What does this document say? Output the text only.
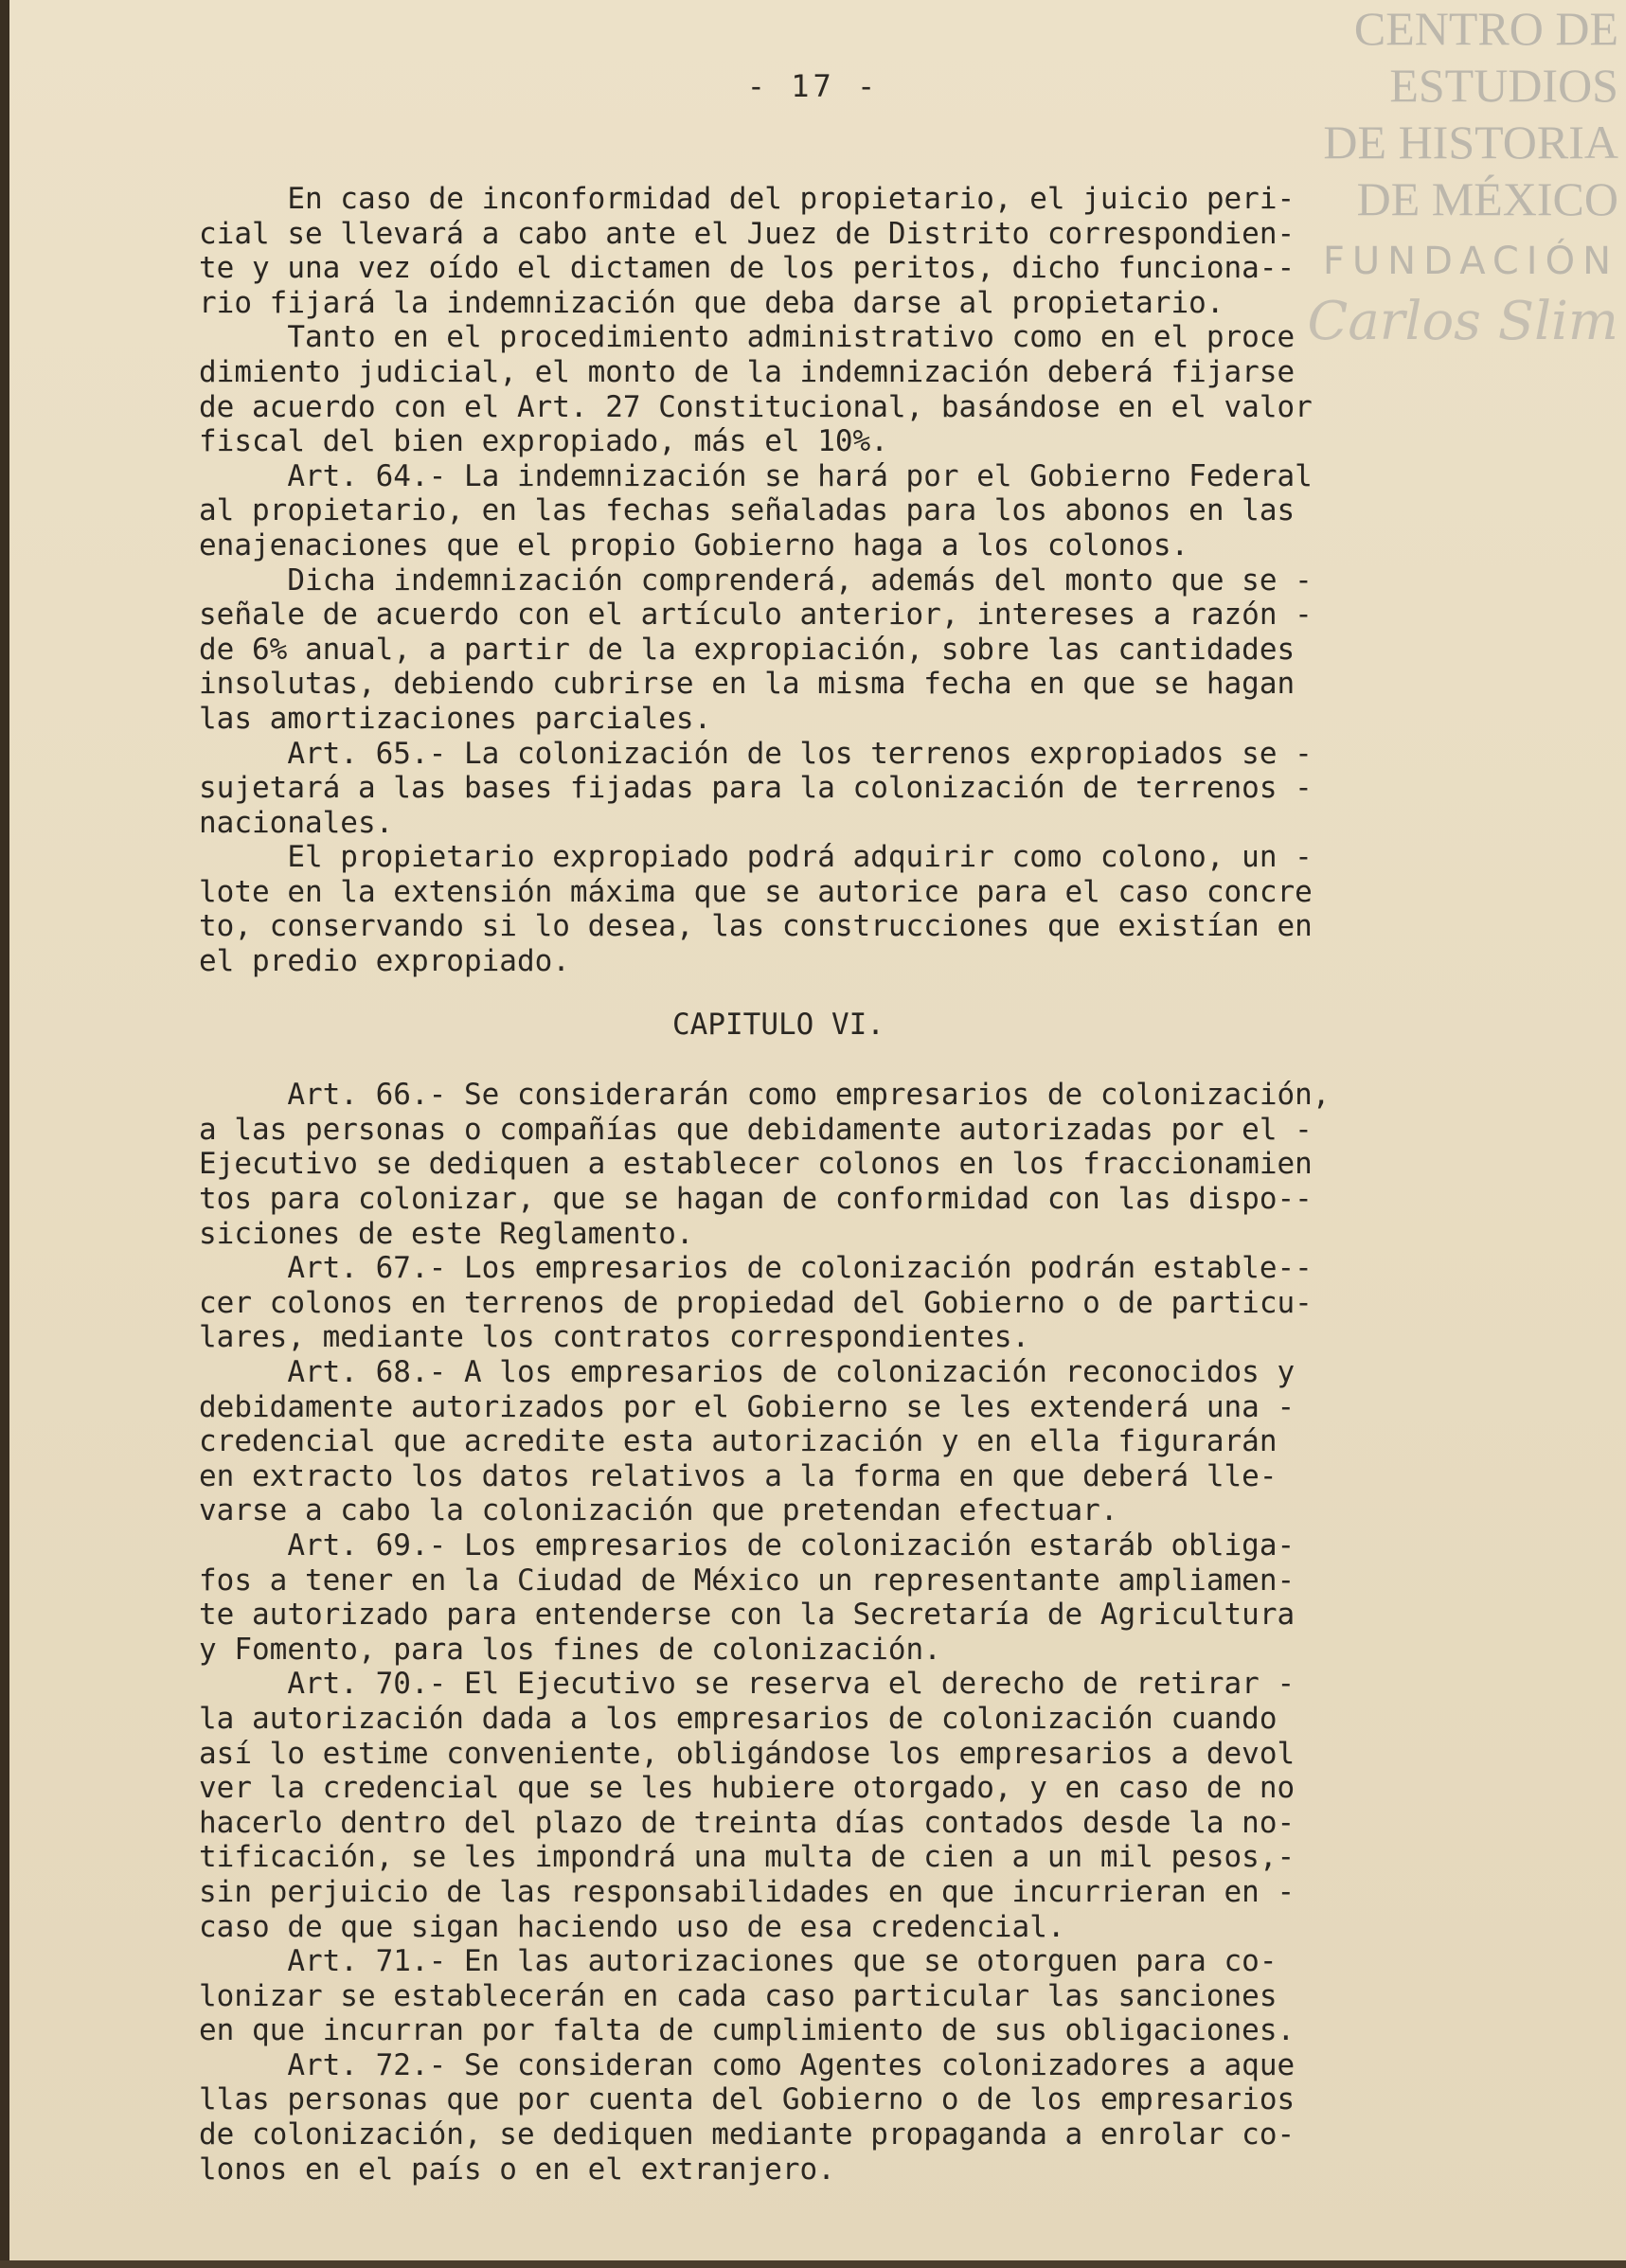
CENTRO DE
ESTUDIOS
DE HISTORIA
DE MÉXICO
FUNDACIÓN
Carlos Slim
- 17 -
En caso de inconformidad del propietario, el juicio peri-
cial se llevará a cabo ante el Juez de Distrito correspondien-
te y una vez oído el dictamen de los peritos, dicho funciona--
rio fijará la indemnización que deba darse al propietario.
Tanto en el procedimiento administrativo como en el proce
dimiento judicial, el monto de la indemnización deberá fijarse
de acuerdo con el Art. 27 Constitucional, basándose en el valor
fiscal del bien expropiado, más el 10%.
Art. 64.- La indemnización se hará por el Gobierno Federal
al propietario, en las fechas señaladas para los abonos en las
enajenaciones que el propio Gobierno haga a los colonos.
Dicha indemnización comprenderá, además del monto que se -
señale de acuerdo con el artículo anterior, intereses a razón -
de 6% anual, a partir de la expropiación, sobre las cantidades
insolutas, debiendo cubrirse en la misma fecha en que se hagan
las amortizaciones parciales.
Art. 65.- La colonización de los terrenos expropiados se -
sujetará a las bases fijadas para la colonización de terrenos -
nacionales.
El propietario expropiado podrá adquirir como colono, un -
lote en la extensión máxima que se autorice para el caso concre
to, conservando si lo desea, las construcciones que existían en
el predio expropiado.
CAPITULO VI.
Art. 66.- Se considerarán como empresarios de colonización,
a las personas o compañías que debidamente autorizadas por el -
Ejecutivo se dediquen a establecer colonos en los fraccionamien
tos para colonizar, que se hagan de conformidad con las dispo--
siciones de este Reglamento.
Art. 67.- Los empresarios de colonización podrán estable--
cer colonos en terrenos de propiedad del Gobierno o de particu-
lares, mediante los contratos correspondientes.
Art. 68.- A los empresarios de colonización reconocidos y
debidamente autorizados por el Gobierno se les extenderá una -
credencial que acredite esta autorización y en ella figurarán
en extracto los datos relativos a la forma en que deberá lle-
varse a cabo la colonización que pretendan efectuar.
Art. 69.- Los empresarios de colonización estaráb obliga-
fos a tener en la Ciudad de México un representante ampliamen-
te autorizado para entenderse con la Secretaría de Agricultura
y Fomento, para los fines de colonización.
Art. 70.- El Ejecutivo se reserva el derecho de retirar -
la autorización dada a los empresarios de colonización cuando
así lo estime conveniente, obligándose los empresarios a devol
ver la credencial que se les hubiere otorgado, y en caso de no
hacerlo dentro del plazo de treinta días contados desde la no-
tificación, se les impondrá una multa de cien a un mil pesos,-
sin perjuicio de las responsabilidades en que incurrieran en -
caso de que sigan haciendo uso de esa credencial.
Art. 71.- En las autorizaciones que se otorguen para co-
lonizar se establecerán en cada caso particular las sanciones
en que incurran por falta de cumplimiento de sus obligaciones.
Art. 72.- Se consideran como Agentes colonizadores a aque
llas personas que por cuenta del Gobierno o de los empresarios
de colonización, se dediquen mediante propaganda a enrolar co-
lonos en el país o en el extranjero.
